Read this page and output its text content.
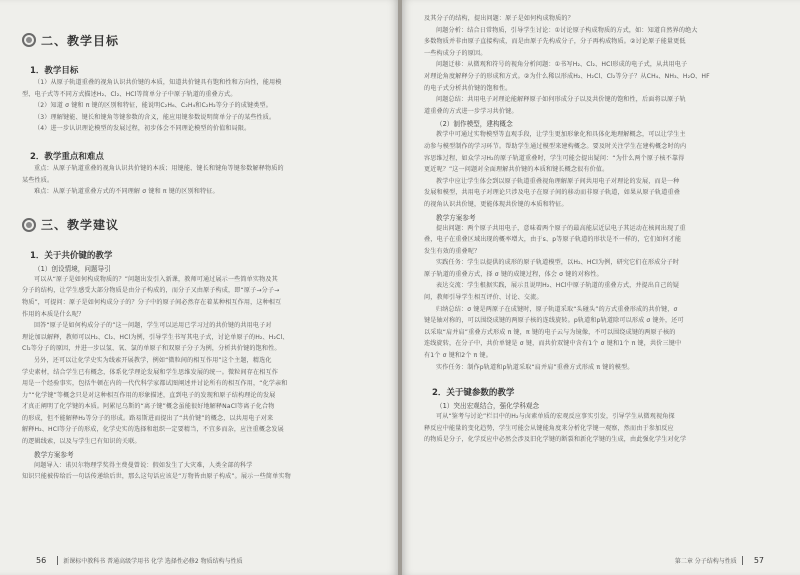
二、教学目标
1．教学目标

（1）从原子轨道重叠的视角认识共价键的本质，知道共价键具有饱和性和方向性，能用模

型、电子式等不同方式描述H₂、Cl₂、HCl等简单分子中原子轨道的重叠方式。

（2）知道 σ 键和 π 键的区别和特征，能说明C₂H₆、C₂H₄和C₂H₂等分子的成键类型。

（3）理解键能、键长和键角等键参数的含义，能应用键参数说明简单分子的某些性质。

（4）进一步认识理论模型的发展过程，初步体会不同理论模型的价值和局限。

2．教学重点和难点

重点：从原子轨道重叠的视角认识共价键的本质；用键能、键长和键角等键参数解释物质的

某些性质。

难点：从原子轨道重叠方式的不同理解 σ 键和 π 键的区别和特征。

三、教学建议
1．关于共价键的教学
（1）创设情境，问题导引

可以从“原子是如何构成物质的？”问题出发引入新课，教师可通过展示一些简单实物及其

分子的结构，让学生感受大部分物质是由分子构成的，而分子又由原子构成，即“原子→分子→

物质”，可提问：原子是如何构成分子的？分子中的原子间必然存在着某种相互作用，这种相互

作用的本质是什么呢？

回答“原子是如何构成分子的”这一问题，学生可以运用已学习过的共价键的共用电子对

理论加以解释，教师可以H₂、Cl₂、HCl为例，引导学生书写其电子式，讨论单原子的H₂、H₂Cl、

Cl₂等分子的原因，并进一步以氢、氧、氯的单原子和双原子分子为例，分析共价键的饱和性。

另外，还可以让化学史实为线索开展教学，例如“微粒间的相互作用”这个主题，精选化

学史素材，结合学生已有概念，体系化学理论发展和学生思维发展的统一。微粒间存在相互作

用是一个经验事实，包括牛顿在内的一代代科学家都试图阐述并讨论所有的相互作用，“化学亲和

力”“化学键”等概念只是对这种相互作用的形象描述，直到电子的发现和原子结构理论的发展

才真正阐明了化学键的本质。阿累尼乌斯的“离子键”概念虽能很好地解释NaCl等离子化合物

的形成，但不能解释H₂等分子的形成。路易斯进而提出了“共价键”的概念，以共用电子对来

解释H₂、HCl等分子的形成，化学史实的选择和组织一定要精当，不宜多而杂，应注重概念发展

的逻辑线索，以及与学生已有知识的关联。

教学方案参考

问题导入：诺贝尔物理学奖得主费曼曾说：假如发生了大灾难，人类全部的科学

知识只能被传给后一句话传递给后世，那么这句话应该是“万物皆由原子构成”。展示一些简单实物

56	新课标中教科书 普通高级学用书 化学 选择性必修2 物质结构与性质

及其分子的结构，提出问题：原子是如何构成物质的？

问题分析：结合日常物质，引导学生讨论：①讨论原子构成物质的方式，如：知道自然界的绝大

多数物质并非由原子直接构成，而是由原子先构成分子，分子再构成物质。②讨论原子能量更低

一些构成分子的原因。

问题迁移：从微观和符号的视角分析问题：①书写H₂、Cl₂、HCl形成的电子式，从共用电子

对理论角度解释分子的形成和方式。②为什么稀以形成H₂、H₂Cl、Cl₂等分子？从CH₄、NH₃、H₂O、HF

的电子式分析共价键的饱和性。

问题总结：共用电子对理论能解释原子如何形成分子以及共价键的饱和性，后面将以原子轨

道重叠的方式进一步学习共价键。

（2）制作模型，建构概念

教学中可通过实物模型等直观手段，让学生更加形象化和具体化地理解概念，可以让学生主

动参与模型制作的学习环节。帮助学生通过模型来建构概念。要及时关注学生在建构概念时的内

容思维过程，如众学习H₂的原子轨道重叠时，学生可能会提出疑问：“为什么两个原子核不靠得

更近呢？”这一问题对全面理解共价键的本质和键长概念很有价值。

教学中应让学生体会到以原子轨道重叠视角理解原子间共用电子对理论的发展，而是一种

发展和模型，共用电子对理论只涉及电子在原子间的移动而非原子轨道，如果从原子轨道重叠

的视角认识共价键，更能体现共价键的本质和特征。

教学方案参考

提出问题：两个原子共用电子，意味着两个原子的最高能层近层电子其运动在核间出现了重

叠，电子在重叠区域出现的概率增大，由于s、p等原子轨道的形状是不一样的，它们如何才能

发生有效的重叠呢？

实践任务：学生以提供的成形的原子轨道模型，以H₂、HCl为例，研究它们在形成分子时

原子轨道的重叠方式，择 σ 键的成键过程，体会 σ 键的对称性。

表达交流：学生根据实践，展示且说明H₂、HCl中原子轨道的重叠方式，并提出自己的疑

问，教师引导学生相互评价、讨论、交流。

归纳总结：σ 键是两原子在成键时，原子轨道采取“头碰头”的方式重叠形成的共价键，σ

键是轴对称的，可以围绕成键的两原子核的连线旋转。p轨道和p轨道除可以形成 σ 键外，还可

以采取“肩并肩”重叠方式形成 π 键，π 键的电子云与为镜像，不可以围绕成键的两原子核的

连线旋转，在分子中，共价单键是 σ 键，而共价双键中含有1个 σ 键和1个 π 键，共价三键中

有1个 σ 键和2个 π 键。

实作任务：制作p轨道和p轨道采取“肩并肩”重叠方式形成 π 键的模型。

2．关于键参数的教学
（1）突出宏观结合，强化学科观念

可从“鉴考与讨论”栏目中的H₂与卤素单质的宏观反应事实引发，引导学生从微观视角探

释反应中能量的变化趋势，学生可能会从键能角度来分析化学键一观察，然而由于参加反应

的物质是分子，化学反应中必然会涉及旧化学键的断裂和新化学键的生成，由此强化学生对化学

第二章 分子结构与性质 57
